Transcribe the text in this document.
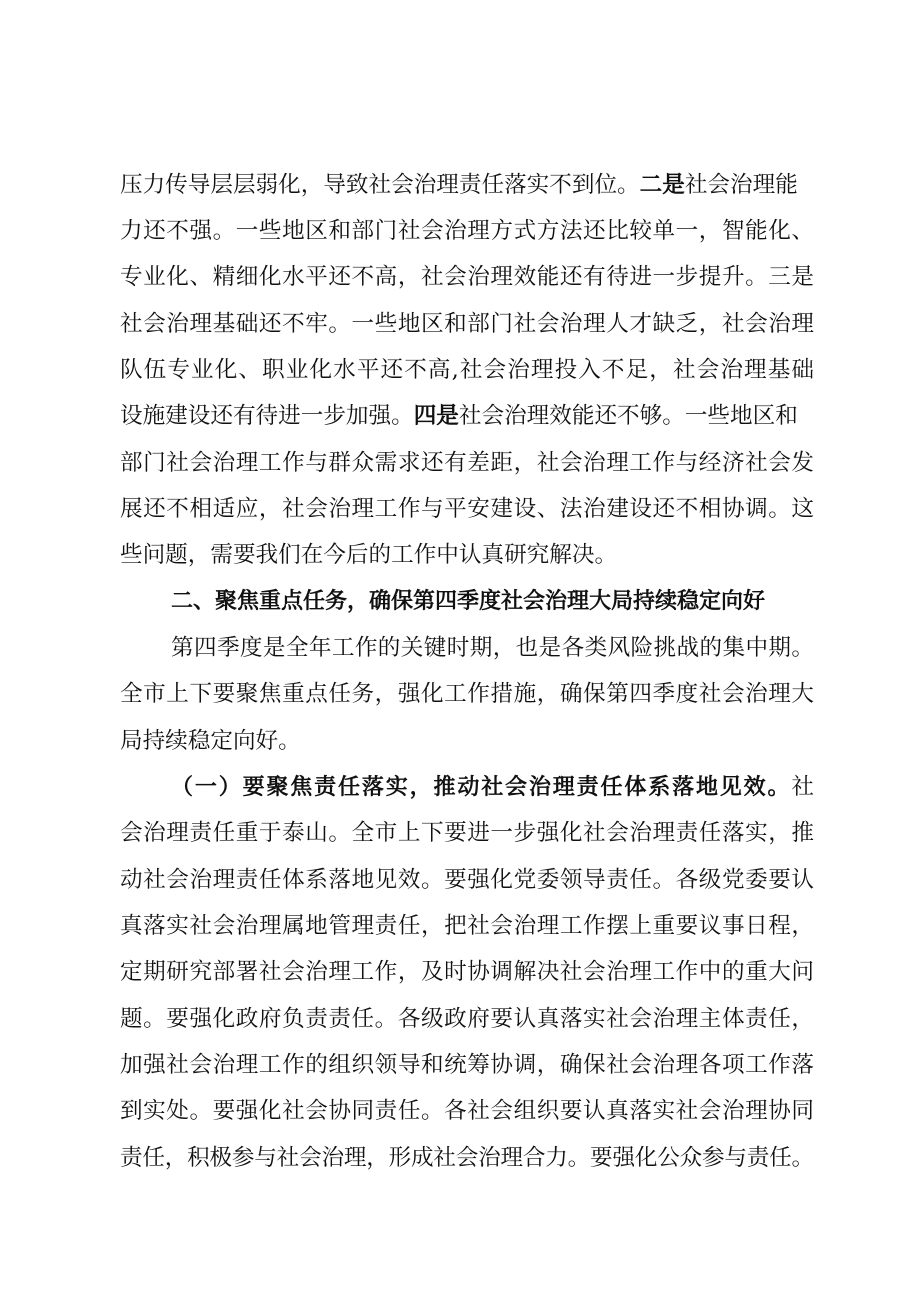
压力传导层层弱化，导致社会治理责任落实不到位。二是社会治理能
力还不强。一些地区和部门社会治理方式方法还比较单一，智能化、
专业化、精细化水平还不高，社会治理效能还有待进一步提升。三是
社会治理基础还不牢。一些地区和部门社会治理人才缺乏，社会治理
队伍专业化、职业化水平还不高,社会治理投入不足，社会治理基础
设施建设还有待进一步加强。四是社会治理效能还不够。一些地区和
部门社会治理工作与群众需求还有差距，社会治理工作与经济社会发
展还不相适应，社会治理工作与平安建设、法治建设还不相协调。这
些问题，需要我们在今后的工作中认真研究解决。
二、聚焦重点任务，确保第四季度社会治理大局持续稳定向好
第四季度是全年工作的关键时期，也是各类风险挑战的集中期。
全市上下要聚焦重点任务，强化工作措施，确保第四季度社会治理大
局持续稳定向好。
（一）要聚焦责任落实，推动社会治理责任体系落地见效。社
会治理责任重于泰山。全市上下要进一步强化社会治理责任落实，推
动社会治理责任体系落地见效。要强化党委领导责任。各级党委要认
真落实社会治理属地管理责任，把社会治理工作摆上重要议事日程，
定期研究部署社会治理工作，及时协调解决社会治理工作中的重大问
题。要强化政府负责责任。各级政府要认真落实社会治理主体责任，
加强社会治理工作的组织领导和统筹协调，确保社会治理各项工作落
到实处。要强化社会协同责任。各社会组织要认真落实社会治理协同
责任，积极参与社会治理，形成社会治理合力。要强化公众参与责任。
